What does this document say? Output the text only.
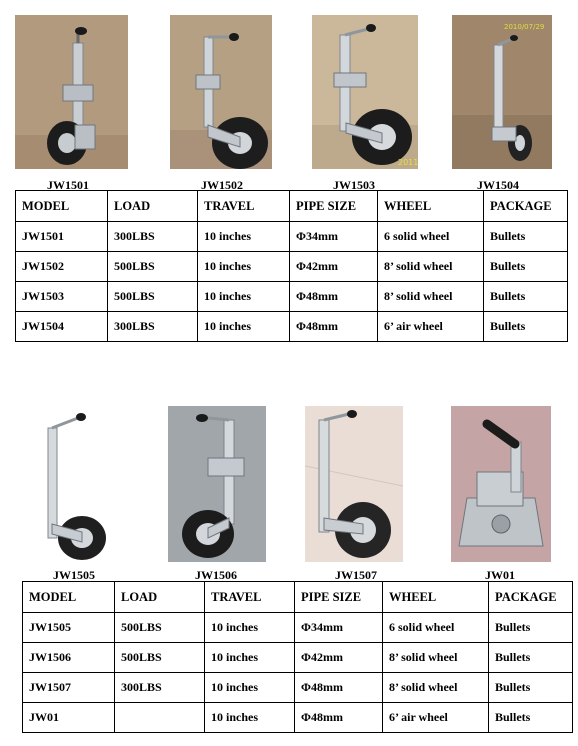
2011
2010/07/29
JW1501	JW1502	JW1503	JW1504
MODEL	LOAD	TRAVEL	PIPE SIZE	WHEEL	PACKAGE
JW1501	300LBS	10 inches	Φ34mm	6 solid wheel	Bullets
JW1502	500LBS	10 inches	Φ42mm	8’ solid wheel	Bullets
JW1503	500LBS	10 inches	Φ48mm	8’ solid wheel	Bullets
JW1504	300LBS	10 inches	Φ48mm	6’ air wheel	Bullets
JW1505	JW1506	JW1507	JW01
MODEL	LOAD	TRAVEL	PIPE SIZE	WHEEL	PACKAGE
JW1505	500LBS	10 inches	Φ34mm	6 solid wheel	Bullets
JW1506	500LBS	10 inches	Φ42mm	8’ solid wheel	Bullets
JW1507	300LBS	10 inches	Φ48mm	8’ solid wheel	Bullets
JW01		10 inches	Φ48mm	6’ air wheel	Bullets
